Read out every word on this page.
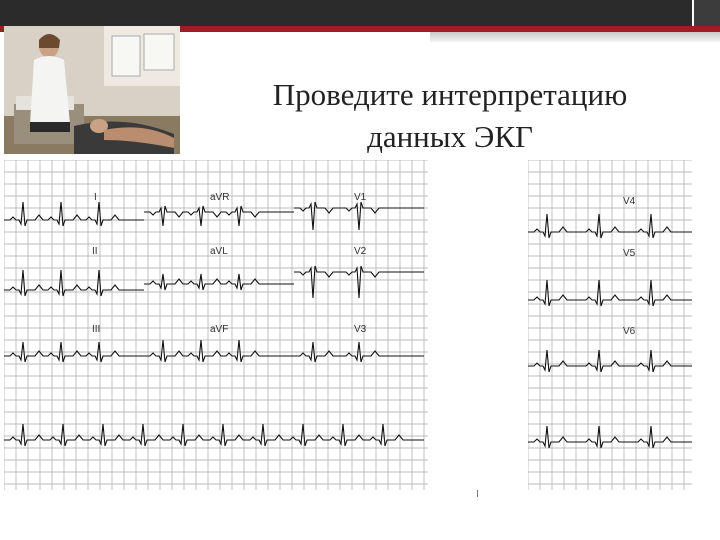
Проведите интерпретацию
данных ЭКГ
I	aVR	V1
II	aVL	V2
III	aVF	V3
V4
V5
V6
